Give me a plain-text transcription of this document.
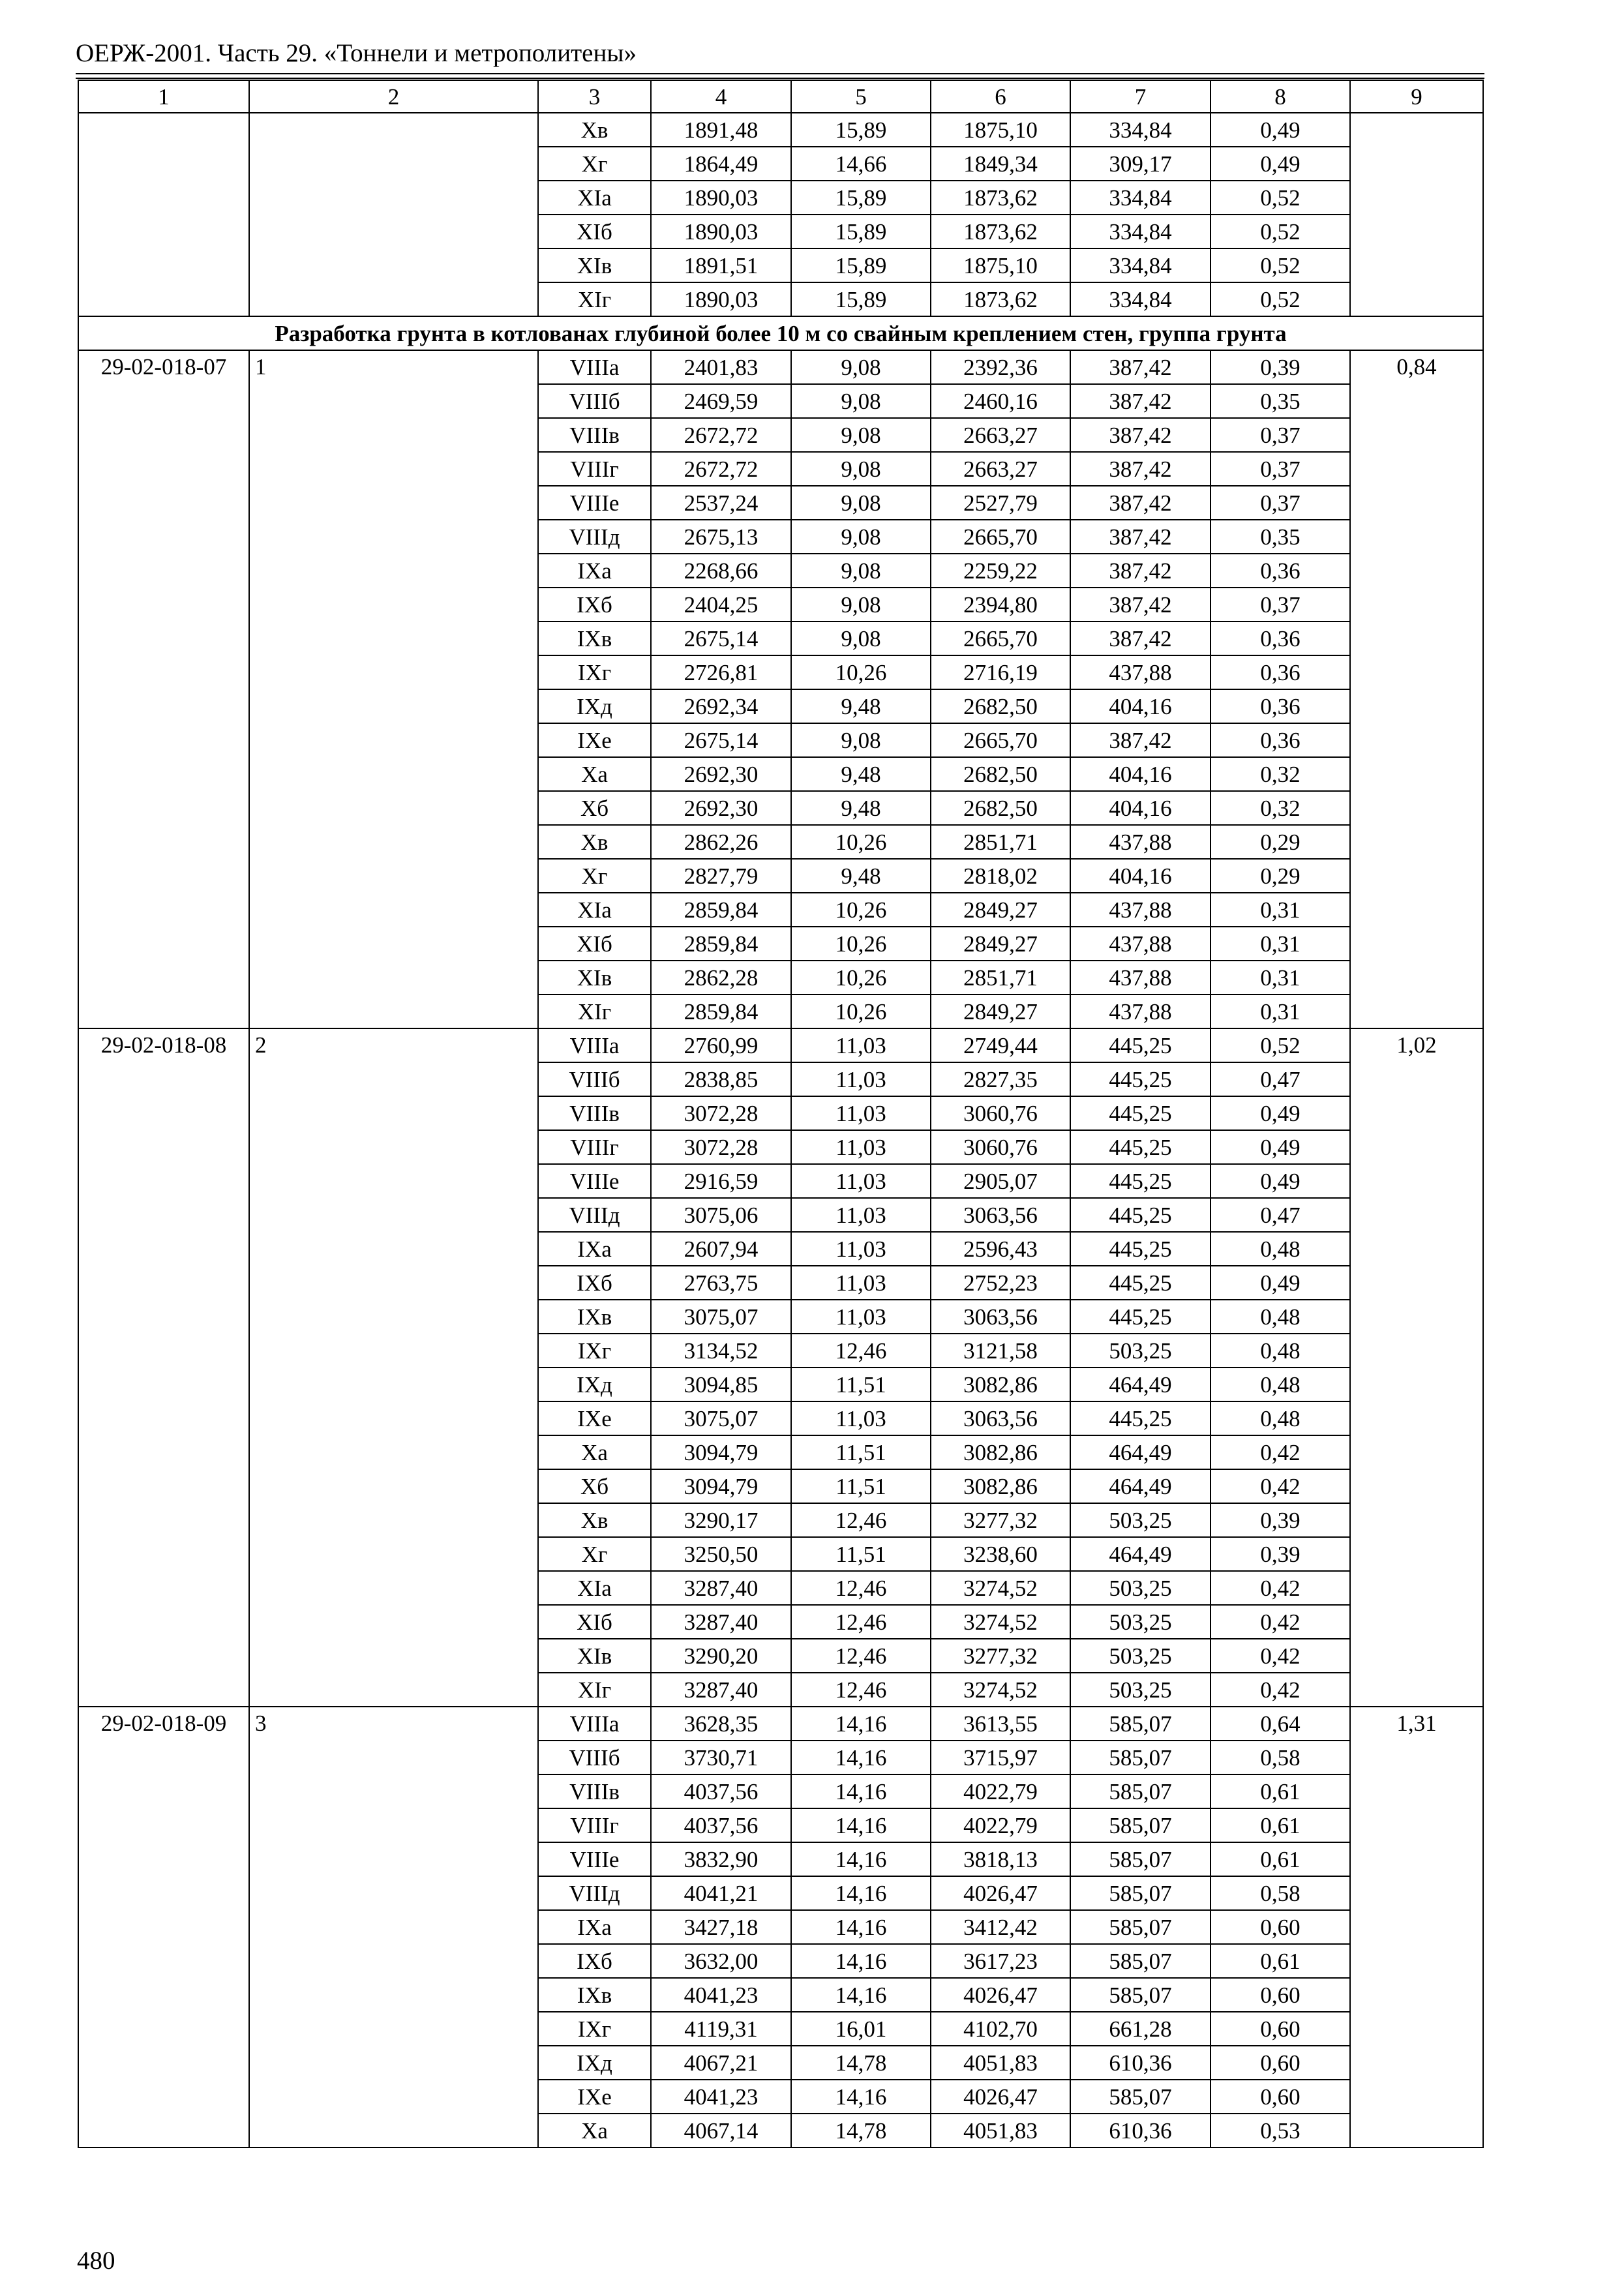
ОЕРЖ-2001. Часть 29. «Тоннели и метрополитены»
1	2	3	4	5	6	7	8	9
		Хв	1891,48	15,89	1875,10	334,84	0,49	
		Хг	1864,49	14,66	1849,34	309,17	0,49	
		ХIа	1890,03	15,89	1873,62	334,84	0,52	
		ХIб	1890,03	15,89	1873,62	334,84	0,52	
		ХIв	1891,51	15,89	1875,10	334,84	0,52	
		ХIг	1890,03	15,89	1873,62	334,84	0,52	
Разработка грунта в котлованах глубиной более 10 м со свайным креплением стен, группа грунта								
29-02-018-07	1	VIIIа	2401,83	9,08	2392,36	387,42	0,39	0,84
		VIIIб	2469,59	9,08	2460,16	387,42	0,35	
		VIIIв	2672,72	9,08	2663,27	387,42	0,37	
		VIIIг	2672,72	9,08	2663,27	387,42	0,37	
		VIIIе	2537,24	9,08	2527,79	387,42	0,37	
		VIIIд	2675,13	9,08	2665,70	387,42	0,35	
		IХа	2268,66	9,08	2259,22	387,42	0,36	
		IХб	2404,25	9,08	2394,80	387,42	0,37	
		IХв	2675,14	9,08	2665,70	387,42	0,36	
		IХг	2726,81	10,26	2716,19	437,88	0,36	
		IХд	2692,34	9,48	2682,50	404,16	0,36	
		IХе	2675,14	9,08	2665,70	387,42	0,36	
		Ха	2692,30	9,48	2682,50	404,16	0,32	
		Хб	2692,30	9,48	2682,50	404,16	0,32	
		Хв	2862,26	10,26	2851,71	437,88	0,29	
		Хг	2827,79	9,48	2818,02	404,16	0,29	
		ХIа	2859,84	10,26	2849,27	437,88	0,31	
		ХIб	2859,84	10,26	2849,27	437,88	0,31	
		ХIв	2862,28	10,26	2851,71	437,88	0,31	
		ХIг	2859,84	10,26	2849,27	437,88	0,31	
29-02-018-08	2	VIIIа	2760,99	11,03	2749,44	445,25	0,52	1,02
		VIIIб	2838,85	11,03	2827,35	445,25	0,47	
		VIIIв	3072,28	11,03	3060,76	445,25	0,49	
		VIIIг	3072,28	11,03	3060,76	445,25	0,49	
		VIIIе	2916,59	11,03	2905,07	445,25	0,49	
		VIIIд	3075,06	11,03	3063,56	445,25	0,47	
		IХа	2607,94	11,03	2596,43	445,25	0,48	
		IХб	2763,75	11,03	2752,23	445,25	0,49	
		IХв	3075,07	11,03	3063,56	445,25	0,48	
		IХг	3134,52	12,46	3121,58	503,25	0,48	
		IХд	3094,85	11,51	3082,86	464,49	0,48	
		IХе	3075,07	11,03	3063,56	445,25	0,48	
		Ха	3094,79	11,51	3082,86	464,49	0,42	
		Хб	3094,79	11,51	3082,86	464,49	0,42	
		Хв	3290,17	12,46	3277,32	503,25	0,39	
		Хг	3250,50	11,51	3238,60	464,49	0,39	
		ХIа	3287,40	12,46	3274,52	503,25	0,42	
		ХIб	3287,40	12,46	3274,52	503,25	0,42	
		ХIв	3290,20	12,46	3277,32	503,25	0,42	
		ХIг	3287,40	12,46	3274,52	503,25	0,42	
29-02-018-09	3	VIIIа	3628,35	14,16	3613,55	585,07	0,64	1,31
		VIIIб	3730,71	14,16	3715,97	585,07	0,58	
		VIIIв	4037,56	14,16	4022,79	585,07	0,61	
		VIIIг	4037,56	14,16	4022,79	585,07	0,61	
		VIIIе	3832,90	14,16	3818,13	585,07	0,61	
		VIIIд	4041,21	14,16	4026,47	585,07	0,58	
		IХа	3427,18	14,16	3412,42	585,07	0,60	
		IХб	3632,00	14,16	3617,23	585,07	0,61	
		IХв	4041,23	14,16	4026,47	585,07	0,60	
		IХг	4119,31	16,01	4102,70	661,28	0,60	
		IХд	4067,21	14,78	4051,83	610,36	0,60	
		IХе	4041,23	14,16	4026,47	585,07	0,60	
		Ха	4067,14	14,78	4051,83	610,36	0,53	
480
